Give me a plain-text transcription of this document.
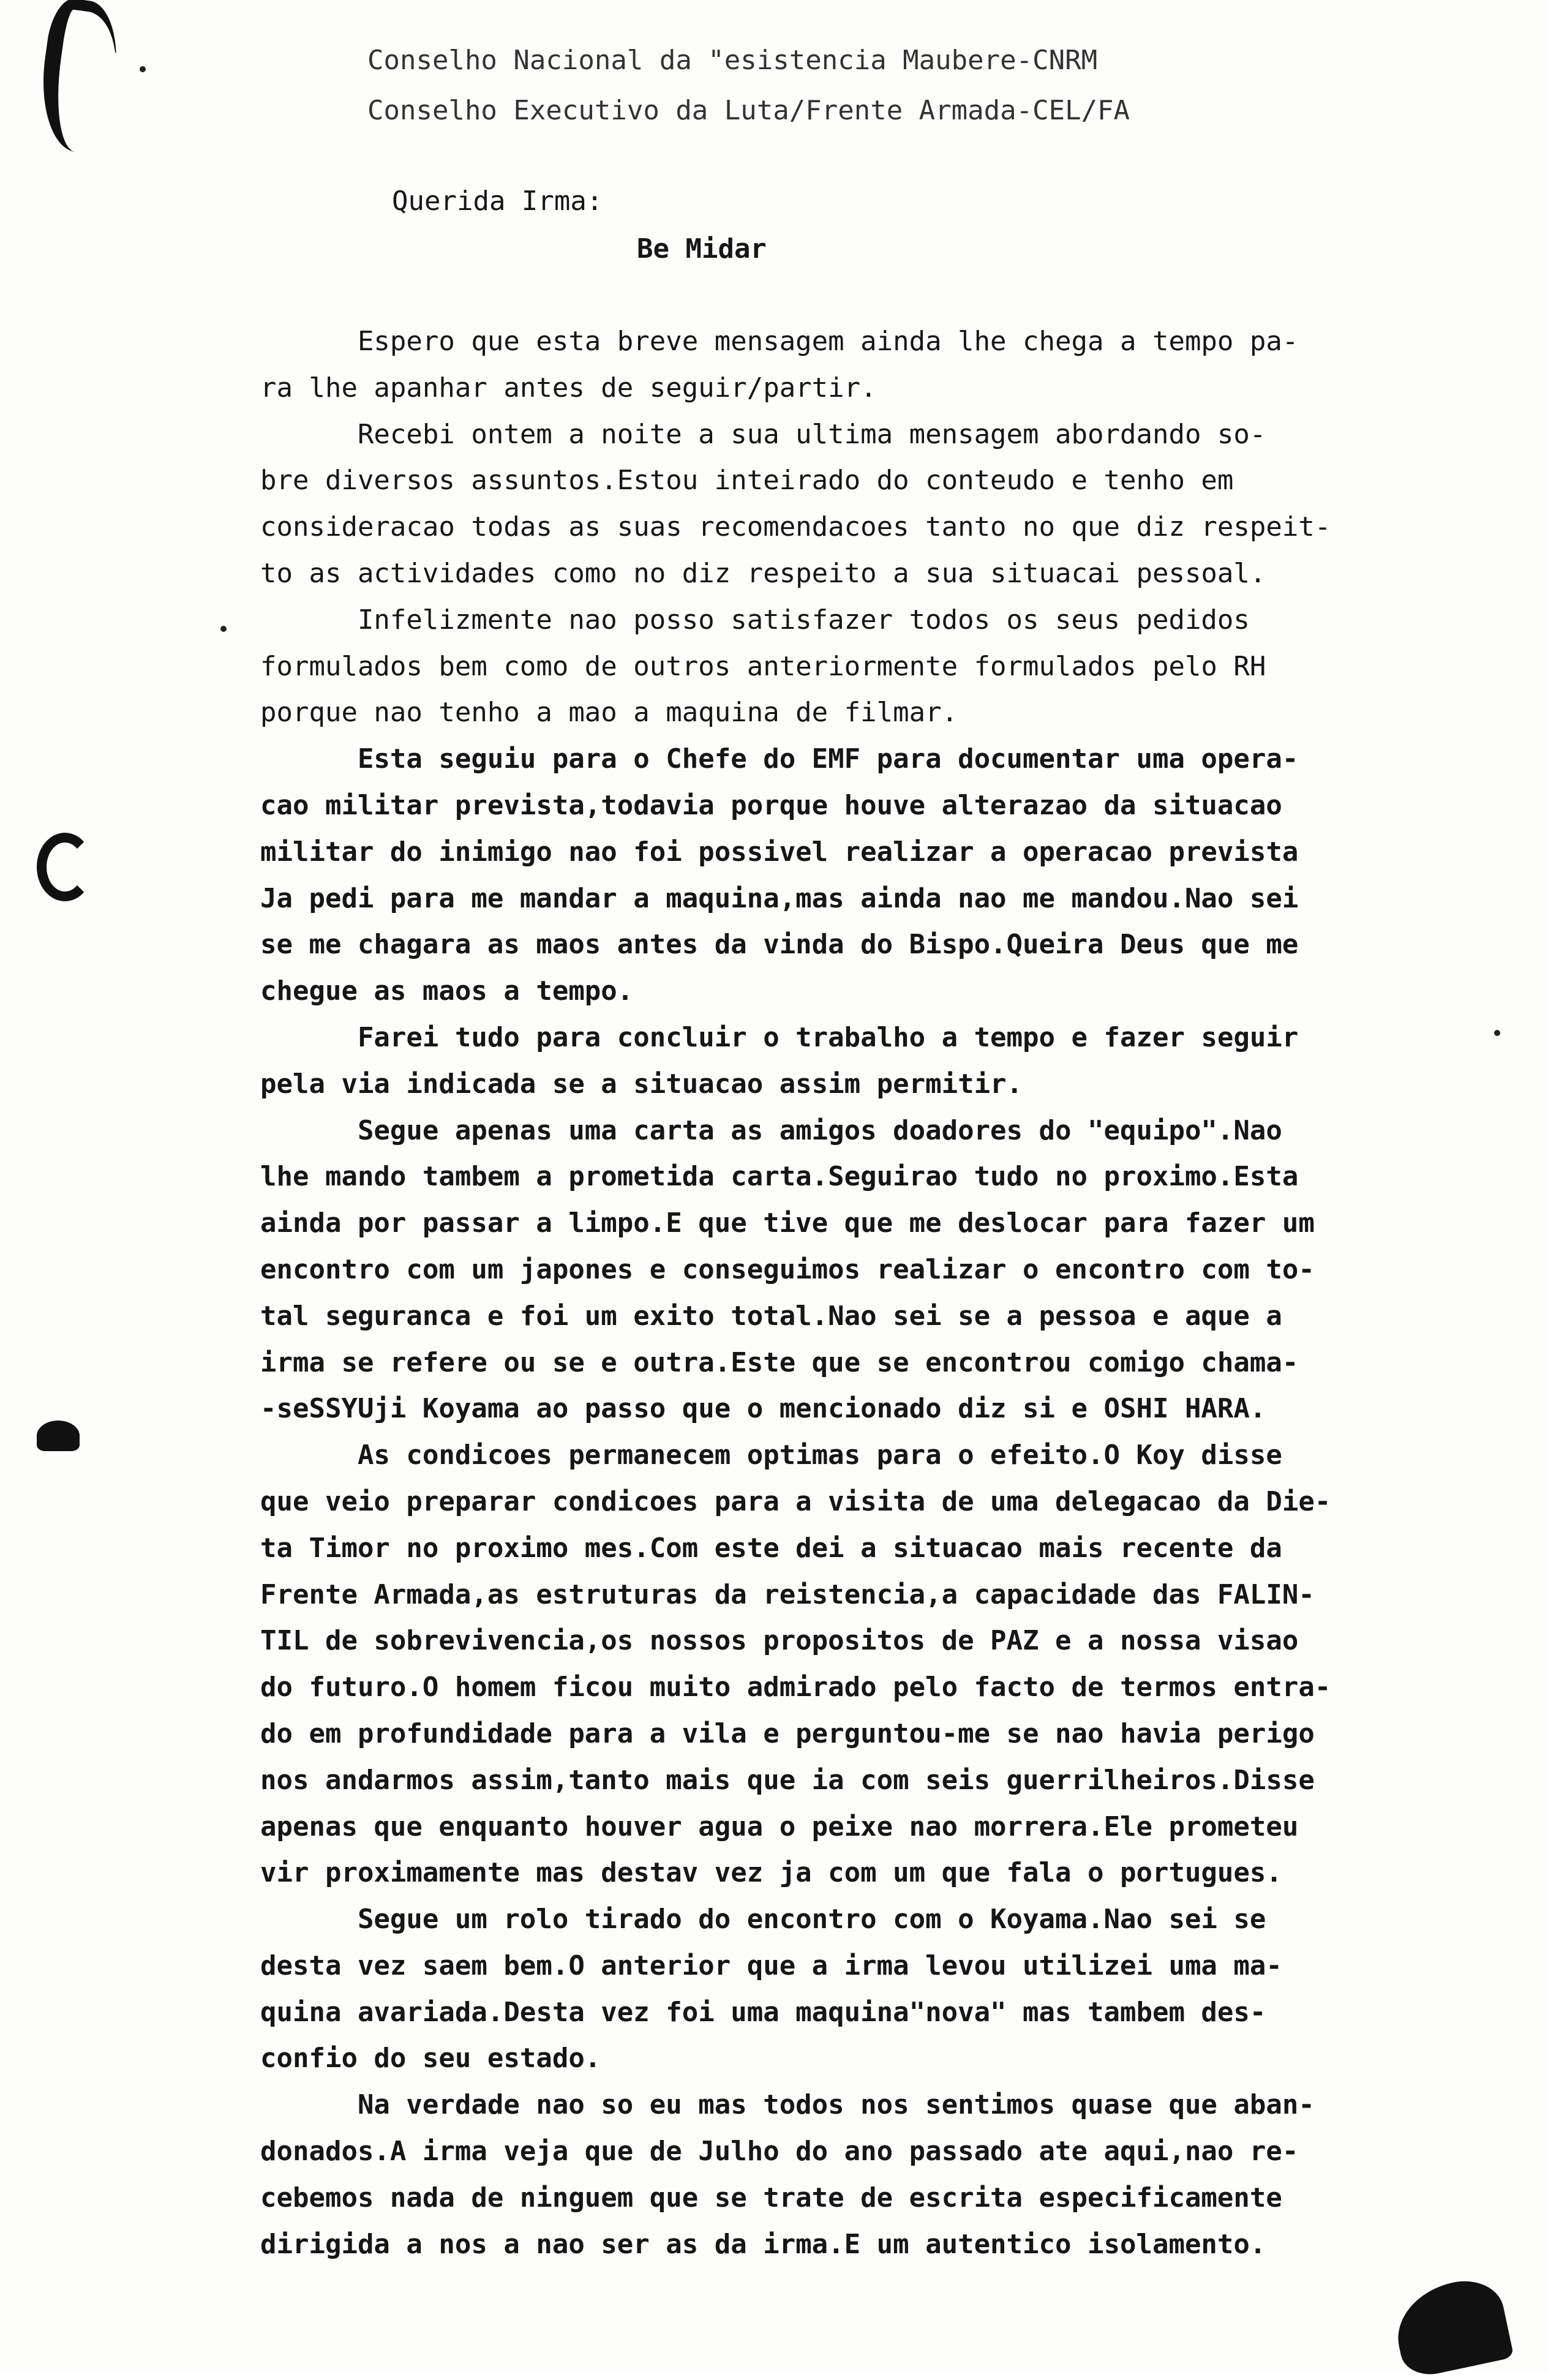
Conselho Nacional da "esistencia Maubere-CNRM
Conselho Executivo da Luta/Frente Armada-CEL/FA
Querida Irma:

Be Midar
Espero que esta breve mensagem ainda lhe chega a tempo pa-
ra lhe apanhar antes de seguir/partir.
Recebi ontem a noite a sua ultima mensagem abordando so-
bre diversos assuntos.Estou inteirado do conteudo e tenho em
consideracao todas as suas recomendacoes tanto no que diz respeit-
to as actividades como no diz respeito a sua situacai pessoal.
Infelizmente nao posso satisfazer todos os seus pedidos
formulados bem como de outros anteriormente formulados pelo RH
porque nao tenho a mao a maquina de filmar.
Esta seguiu para o Chefe do EMF para documentar uma opera-
cao militar prevista,todavia porque houve alterazao da situacao
militar do inimigo nao foi possivel realizar a operacao prevista
Ja pedi para me mandar a maquina,mas ainda nao me mandou.Nao sei
se me chagara as maos antes da vinda do Bispo.Queira Deus que me
chegue as maos a tempo.
Farei tudo para concluir o trabalho a tempo e fazer seguir
pela via indicada se a situacao assim permitir.
Segue apenas uma carta as amigos doadores do "equipo".Nao
lhe mando tambem a prometida carta.Seguirao tudo no proximo.Esta
ainda por passar a limpo.E que tive que me deslocar para fazer um
encontro com um japones e conseguimos realizar o encontro com to-
tal seguranca e foi um exito total.Nao sei se a pessoa e aque a
irma se refere ou se e outra.Este que se encontrou comigo chama-
-seSSYUji Koyama ao passo que o mencionado diz si e OSHI HARA.
As condicoes permanecem optimas para o efeito.O Koy disse
que veio preparar condicoes para a visita de uma delegacao da Die-
ta Timor no proximo mes.Com este dei a situacao mais recente da
Frente Armada,as estruturas da reistencia,a capacidade das FALIN-
TIL de sobrevivencia,os nossos propositos de PAZ e a nossa visao
do futuro.O homem ficou muito admirado pelo facto de termos entra-
do em profundidade para a vila e perguntou-me se nao havia perigo
nos andarmos assim,tanto mais que ia com seis guerrilheiros.Disse
apenas que enquanto houver agua o peixe nao morrera.Ele prometeu
vir proximamente mas destav vez ja com um que fala o portugues.
Segue um rolo tirado do encontro com o Koyama.Nao sei se
desta vez saem bem.O anterior que a irma levou utilizei uma ma-
quina avariada.Desta vez foi uma maquina"nova" mas tambem des-
confio do seu estado.
Na verdade nao so eu mas todos nos sentimos quase que aban-
donados.A irma veja que de Julho do ano passado ate aqui,nao re-
cebemos nada de ninguem que se trate de escrita especificamente
dirigida a nos a nao ser as da irma.E um autentico isolamento.
